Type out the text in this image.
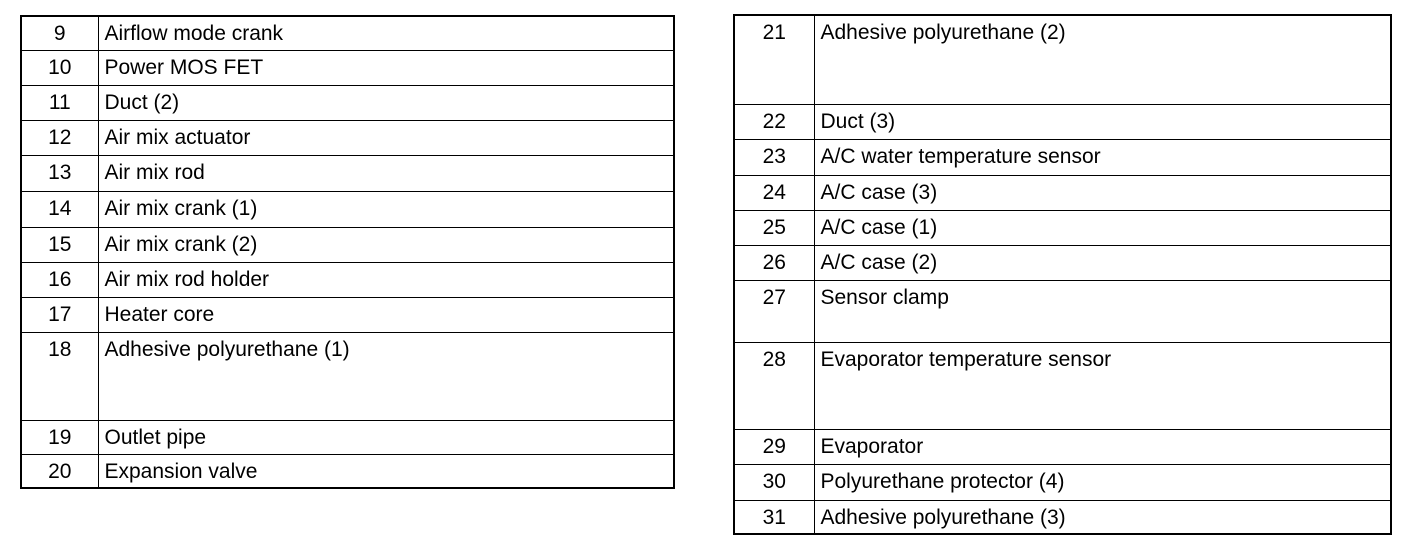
9	Airflow mode crank
10	Power MOS FET
11	Duct (2)
12	Air mix actuator
13	Air mix rod
14	Air mix crank (1)
15	Air mix crank (2)
16	Air mix rod holder
17	Heater core
18	Adhesive polyurethane (1)
19	Outlet pipe
20	Expansion valve
21	Adhesive polyurethane (2)
22	Duct (3)
23	A/C water temperature sensor
24	A/C case (3)
25	A/C case (1)
26	A/C case (2)
27	Sensor clamp
28	Evaporator temperature sensor
29	Evaporator
30	Polyurethane protector (4)
31	Adhesive polyurethane (3)
